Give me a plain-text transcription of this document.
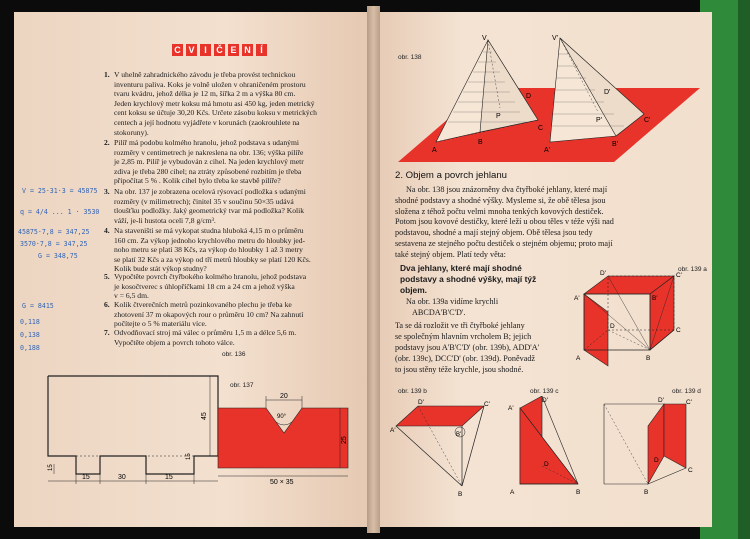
C V	I	Č E N	Í
1. V uhelně zahradnického závodu je třeba provést technickou
inventuru paliva. Koks je volně uložen v ohraničeném prostoru
tvaru kvádru, jehož délka je 12 m, šířka 2 m a výška 80 cm.
Jeden krychlový metr koksu má hmotu asi 450 kg, jeden metrický
cent koksu se účtuje 30,20 Kčs. Určete zásobu koksu v metrických
centech a její hodnotu vyjádřete v korunách (zaokrouhlete na
stokoruny).
2. Pilíř má podobu kolmého hranolu, jehož podstava s udanými
rozměry v centimetrech je nakreslena na obr. 136; výška pilíře
je 2,85 m. Pilíř je vybudován z cihel. Na jeden krychlový metr
zdiva je třeba 280 cihel; na ztráty způsobené rozbitím je třeba
připočítat 5 % . Kolik cihel bylo třeba ke stavbě pilíře?
3. Na obr. 137 je zobrazena ocelová rýsovací podložka s udanými
rozměry (v milimetrech); činitel 35 v součinu 50×35 udává
tloušťku podložky. Jaký geometrický tvar má podložka? Kolik
váží, je-li hustota oceli 7,8 g/cm³.
4. Na staveništi se má vykopat studna hluboká 4,15 m o průměru
160 cm. Za výkop jednoho krychlového metru do hloubky jed-
noho metru se platí 38 Kčs, za výkop do hloubky 1 až 3 metry
se platí 32 Kčs a za výkop od tří metrů hloubky se platí 120 Kčs.
Kolik bude stát výkop studny?
5. Vypočtěte povrch čtyřbokého kolmého hranolu, jehož podstava
je kosočtverec s úhlopříčkami 18 cm a 24 cm a jehož výška
v = 6,5 dm.
6. Kolik čtverečních metrů pozinkovaného plechu je třeba ke
zhotovení 37 m okapových rour o průměru 10 cm? Na zahnutí
počítejte o 5 % materiálu více.
7. Odvodňovací stroj má válec o průměru 1,5 m a délce 5,6 m.
Vypočtěte objem a povrch tohoto válce.
V = 25·31·3 = 45875
q = 4/4 ... 1 · 3530
45875·7,8 = 347,25
3570·7,8 = 347,25
G = 348,75
G = 8415
0,118
0,138
0,188
obr. 136
45
15	30	15
15
15
obr. 137
20
90°
25
50 × 35
obr. 138
V	V'
A
B
C
D
P
P'
A'
B'
C'
D'
2. Objem a povrch jehlanu
Na obr. 138 jsou znázorněny dva čtyřboké jehlany, které mají
shodné podstavy a shodné výšky. Mysleme si, že obě tělesa jsou
složena z téhož počtu velmi mnoha tenkých kovových destiček.
Potom jsou kovové destičky, které leží u obou těles v téže výši nad
podstavou, shodné a mají stejný objem. Obě tělesa jsou tedy
sestavena ze stejného počtu destiček o stejném objemu; proto mají
také stejný objem. Platí tedy věta:
Dva jehlany, které mají shodné
podstavy a shodné výšky, mají týž
objem.
Na obr. 139a vidíme krychli
ABCDA'B'C'D'.
Ta se dá rozložit ve tři čtyřboké jehlany
se společným hlavním vrcholem B; jejich
podstavy jsou A'B'C'D' (obr. 139b), ADD'A'
(obr. 139c), DCC'D' (obr. 139d). Poněvadž
to jsou stěny téže krychle, jsou shodné.
obr. 139 a
D'	C'
A'	B'
D
C
A	B
obr. 139 b
D'	C'
A'
B'
B
obr. 139 c
D'
A'
D
A	B
obr. 139 d
D'	C'
D
C
B
